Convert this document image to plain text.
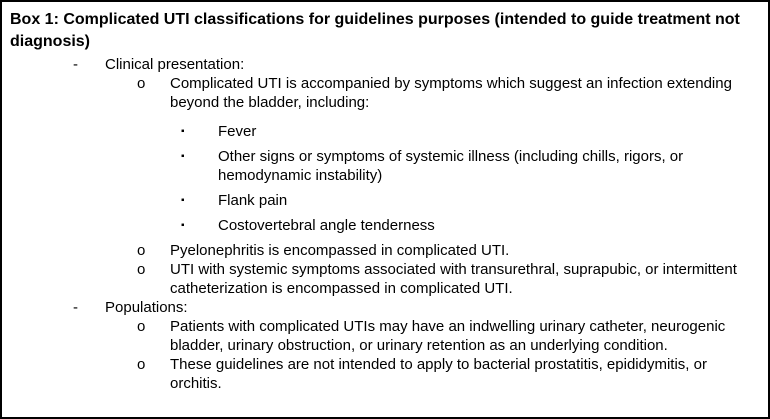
Box 1: Complicated UTI classifications for guidelines purposes (intended to guide treatment not diagnosis)
-	Clinical presentation:
o	Complicated UTI is accompanied by symptoms which suggest an infection extending beyond the bladder, including:
▪	Fever
▪	Other signs or symptoms of systemic illness (including chills, rigors, or hemodynamic instability)
▪	Flank pain
▪	Costovertebral angle tenderness
o	Pyelonephritis is encompassed in complicated UTI.
o	UTI with systemic symptoms associated with transurethral, suprapubic, or intermittent catheterization is encompassed in complicated UTI.
-	Populations:
o	Patients with complicated UTIs may have an indwelling urinary catheter, neurogenic bladder, urinary obstruction, or urinary retention as an underlying condition.
o	These guidelines are not intended to apply to bacterial prostatitis, epididymitis, or orchitis.
